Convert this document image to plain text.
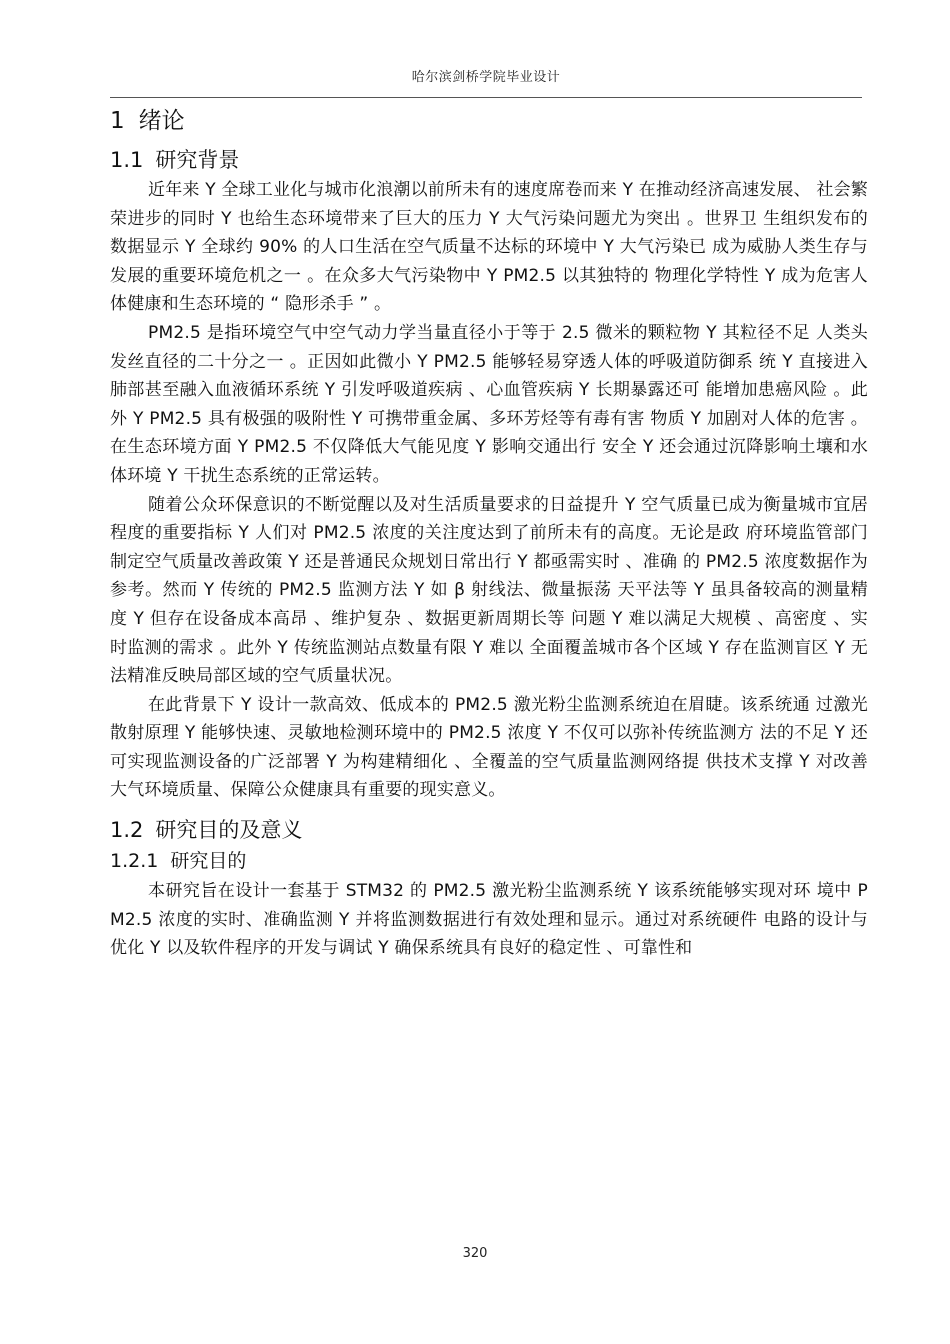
哈尔滨剑桥学院毕业设计
1 绪论
1.1 研究背景

近年来 Y 全球工业化与城市化浪潮以前所未有的速度席卷而来 Y 在推动经济高速发展、 社会繁荣进步的同时 Y 也给生态环境带来了巨大的压力 Y 大气污染问题尤为突出 。世界卫 生组织发布的数据显示 Y 全球约 90% 的人口生活在空气质量不达标的环境中 Y 大气污染已 成为威胁人类生存与发展的重要环境危机之一 。在众多大气污染物中 Y PM2.5 以其独特的 物理化学特性 Y 成为危害人体健康和生态环境的 “ 隐形杀手 ” 。

PM2.5 是指环境空气中空气动力学当量直径小于等于 2.5 微米的颗粒物 Y 其粒径不足 人类头发丝直径的二十分之一 。正因如此微小 Y PM2.5 能够轻易穿透人体的呼吸道防御系 统 Y 直接进入肺部甚至融入血液循环系统 Y 引发呼吸道疾病 、心血管疾病 Y 长期暴露还可 能增加患癌风险 。此外 Y PM2.5 具有极强的吸附性 Y 可携带重金属、多环芳烃等有毒有害 物质 Y 加剧对人体的危害 。在生态环境方面 Y PM2.5 不仅降低大气能见度 Y 影响交通出行 安全 Y 还会通过沉降影响土壤和水体环境 Y 干扰生态系统的正常运转。

随着公众环保意识的不断觉醒以及对生活质量要求的日益提升 Y 空气质量已成为衡量城市宜居程度的重要指标 Y 人们对 PM2.5 浓度的关注度达到了前所未有的高度。无论是政 府环境监管部门制定空气质量改善政策 Y 还是普通民众规划日常出行 Y 都亟需实时 、准确 的 PM2.5 浓度数据作为参考。然而 Y 传统的 PM2.5 监测方法 Y 如 β 射线法、微量振荡 天平法等 Y 虽具备较高的测量精度 Y 但存在设备成本高昂 、维护复杂 、数据更新周期长等 问题 Y 难以满足大规模 、高密度 、实时监测的需求 。此外 Y 传统监测站点数量有限 Y 难以 全面覆盖城市各个区域 Y 存在监测盲区 Y 无法精准反映局部区域的空气质量状况。

在此背景下 Y 设计一款高效、低成本的 PM2.5 激光粉尘监测系统迫在眉睫。该系统通 过激光散射原理 Y 能够快速、灵敏地检测环境中的 PM2.5 浓度 Y 不仅可以弥补传统监测方 法的不足 Y 还可实现监测设备的广泛部署 Y 为构建精细化 、全覆盖的空气质量监测网络提 供技术支撑 Y 对改善大气环境质量、保障公众健康具有重要的现实意义。

1.2 研究目的及意义
1.2.1 研究目的

本研究旨在设计一套基于 STM32 的 PM2.5 激光粉尘监测系统 Y 该系统能够实现对环 境中 PM2.5 浓度的实时、准确监测 Y 并将监测数据进行有效处理和显示。通过对系统硬件 电路的设计与优化 Y 以及软件程序的开发与调试 Y 确保系统具有良好的稳定性 、可靠性和

320
